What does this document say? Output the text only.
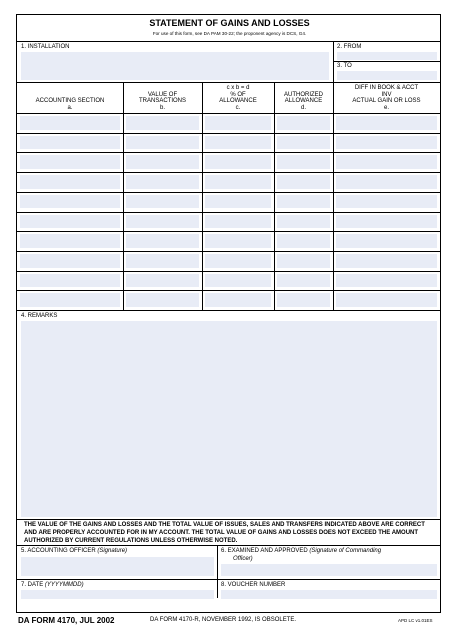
STATEMENT OF GAINS AND LOSSES
For use of this form, see DA PAM 30-22; the proponent agency is DCS, G4.
1. INSTALLATION	2. FROM
3. TO
ACCOUNTING SECTION
a.
VALUE OF
TRANSACTIONS
b.
c x b = d
% OF
ALLOWANCE
c.
AUTHORIZED
ALLOWANCE
d.
DIFF IN BOOK & ACCT
INV
ACTUAL GAIN OR LOSS
e.
4. REMARKS
THE VALUE OF THE GAINS AND LOSSES AND THE TOTAL VALUE OF ISSUES, SALES AND TRANSFERS INDICATED ABOVE ARE CORRECT AND ARE PROPERLY ACCOUNTED FOR IN MY ACCOUNT. THE TOTAL VALUE OF GAINS AND LOSSES DOES NOT EXCEED THE AMOUNT AUTHORIZED BY CURRENT REGULATIONS UNLESS OTHERWISE NOTED.
5. ACCOUNTING OFFICER (Signature)	6. EXAMINED AND APPROVED (Signature of Commanding
Officer)
7. DATE (YYYYMMDD)	8. VOUCHER NUMBER
DA FORM 4170, JUL 2002	DA FORM 4170-R, NOVEMBER 1992, IS OBSOLETE.	APD LC v1.01ES
